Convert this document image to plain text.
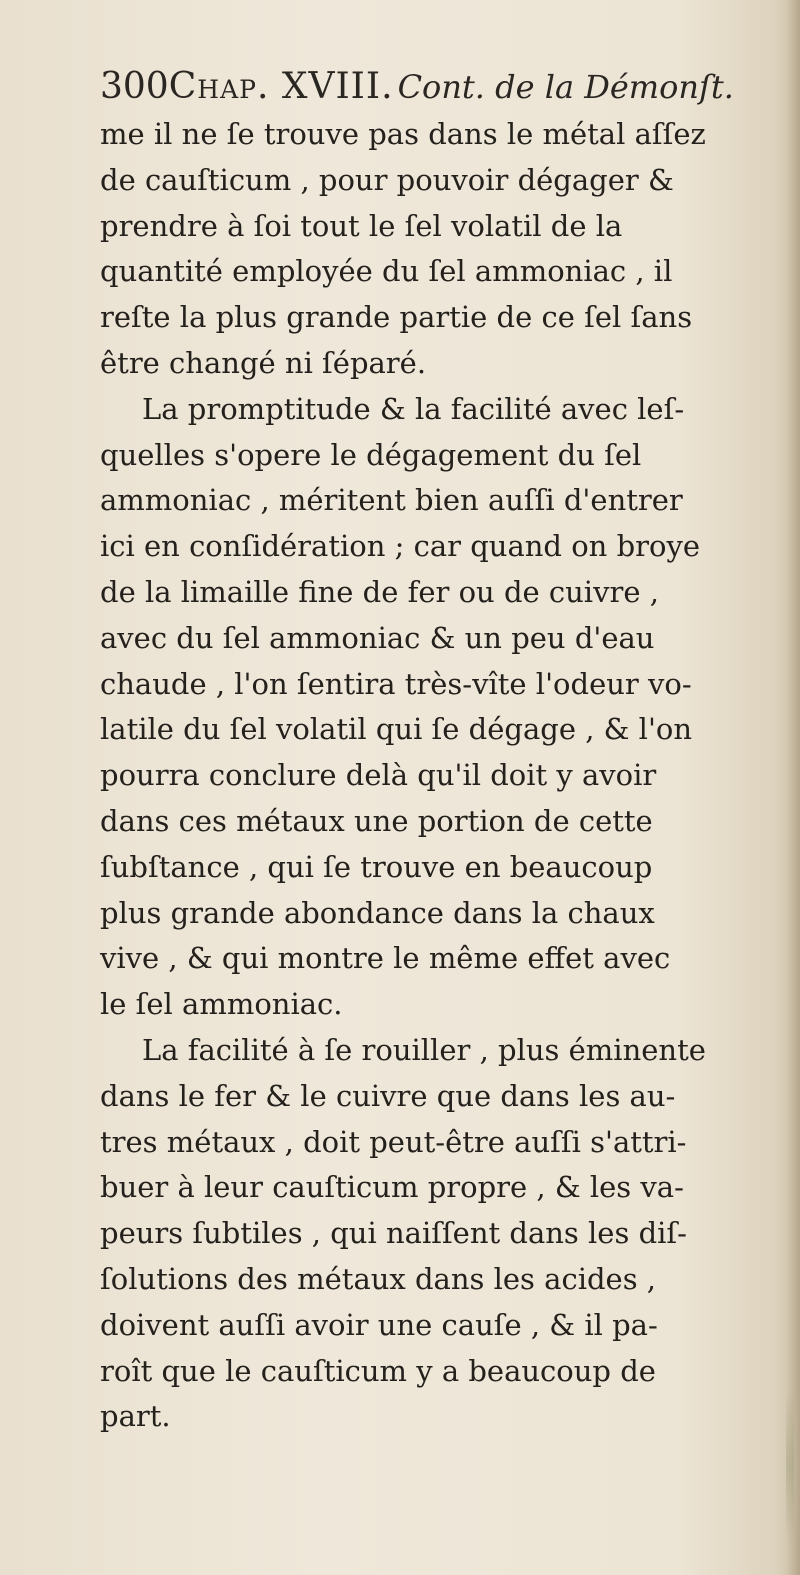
300Chap. XVIII. Cont. de la Démonſt.
me il ne ſe trouve pas dans le métal aſſez
de cauſticum , pour pouvoir dégager &
prendre à ſoi tout le ſel volatil de la
quantité employée du ſel ammoniac , il
reſte la plus grande partie de ce ſel ſans
être changé ni ſéparé.
La promptitude & la facilité avec leſ-
quelles s'opere le dégagement du ſel
ammoniac , méritent bien auſſi d'entrer
ici en conſidération ; car quand on broye
de la limaille fine de fer ou de cuivre ,
avec du ſel ammoniac & un peu d'eau
chaude , l'on ſentira très-vîte l'odeur vo-
latile du ſel volatil qui ſe dégage , & l'on
pourra conclure delà qu'il doit y avoir
dans ces métaux une portion de cette
ſubſtance , qui ſe trouve en beaucoup
plus grande abondance dans la chaux
vive , & qui montre le même effet avec
le ſel ammoniac.
La facilité à ſe rouiller , plus éminente
dans le fer & le cuivre que dans les au-
tres métaux , doit peut-être auſſi s'attri-
buer à leur cauſticum propre , & les va-
peurs ſubtiles , qui naiſſent dans les diſ-
ſolutions des métaux dans les acides ,
doivent auſſi avoir une cauſe , & il pa-
roît que le cauſticum y a beaucoup de
part.
